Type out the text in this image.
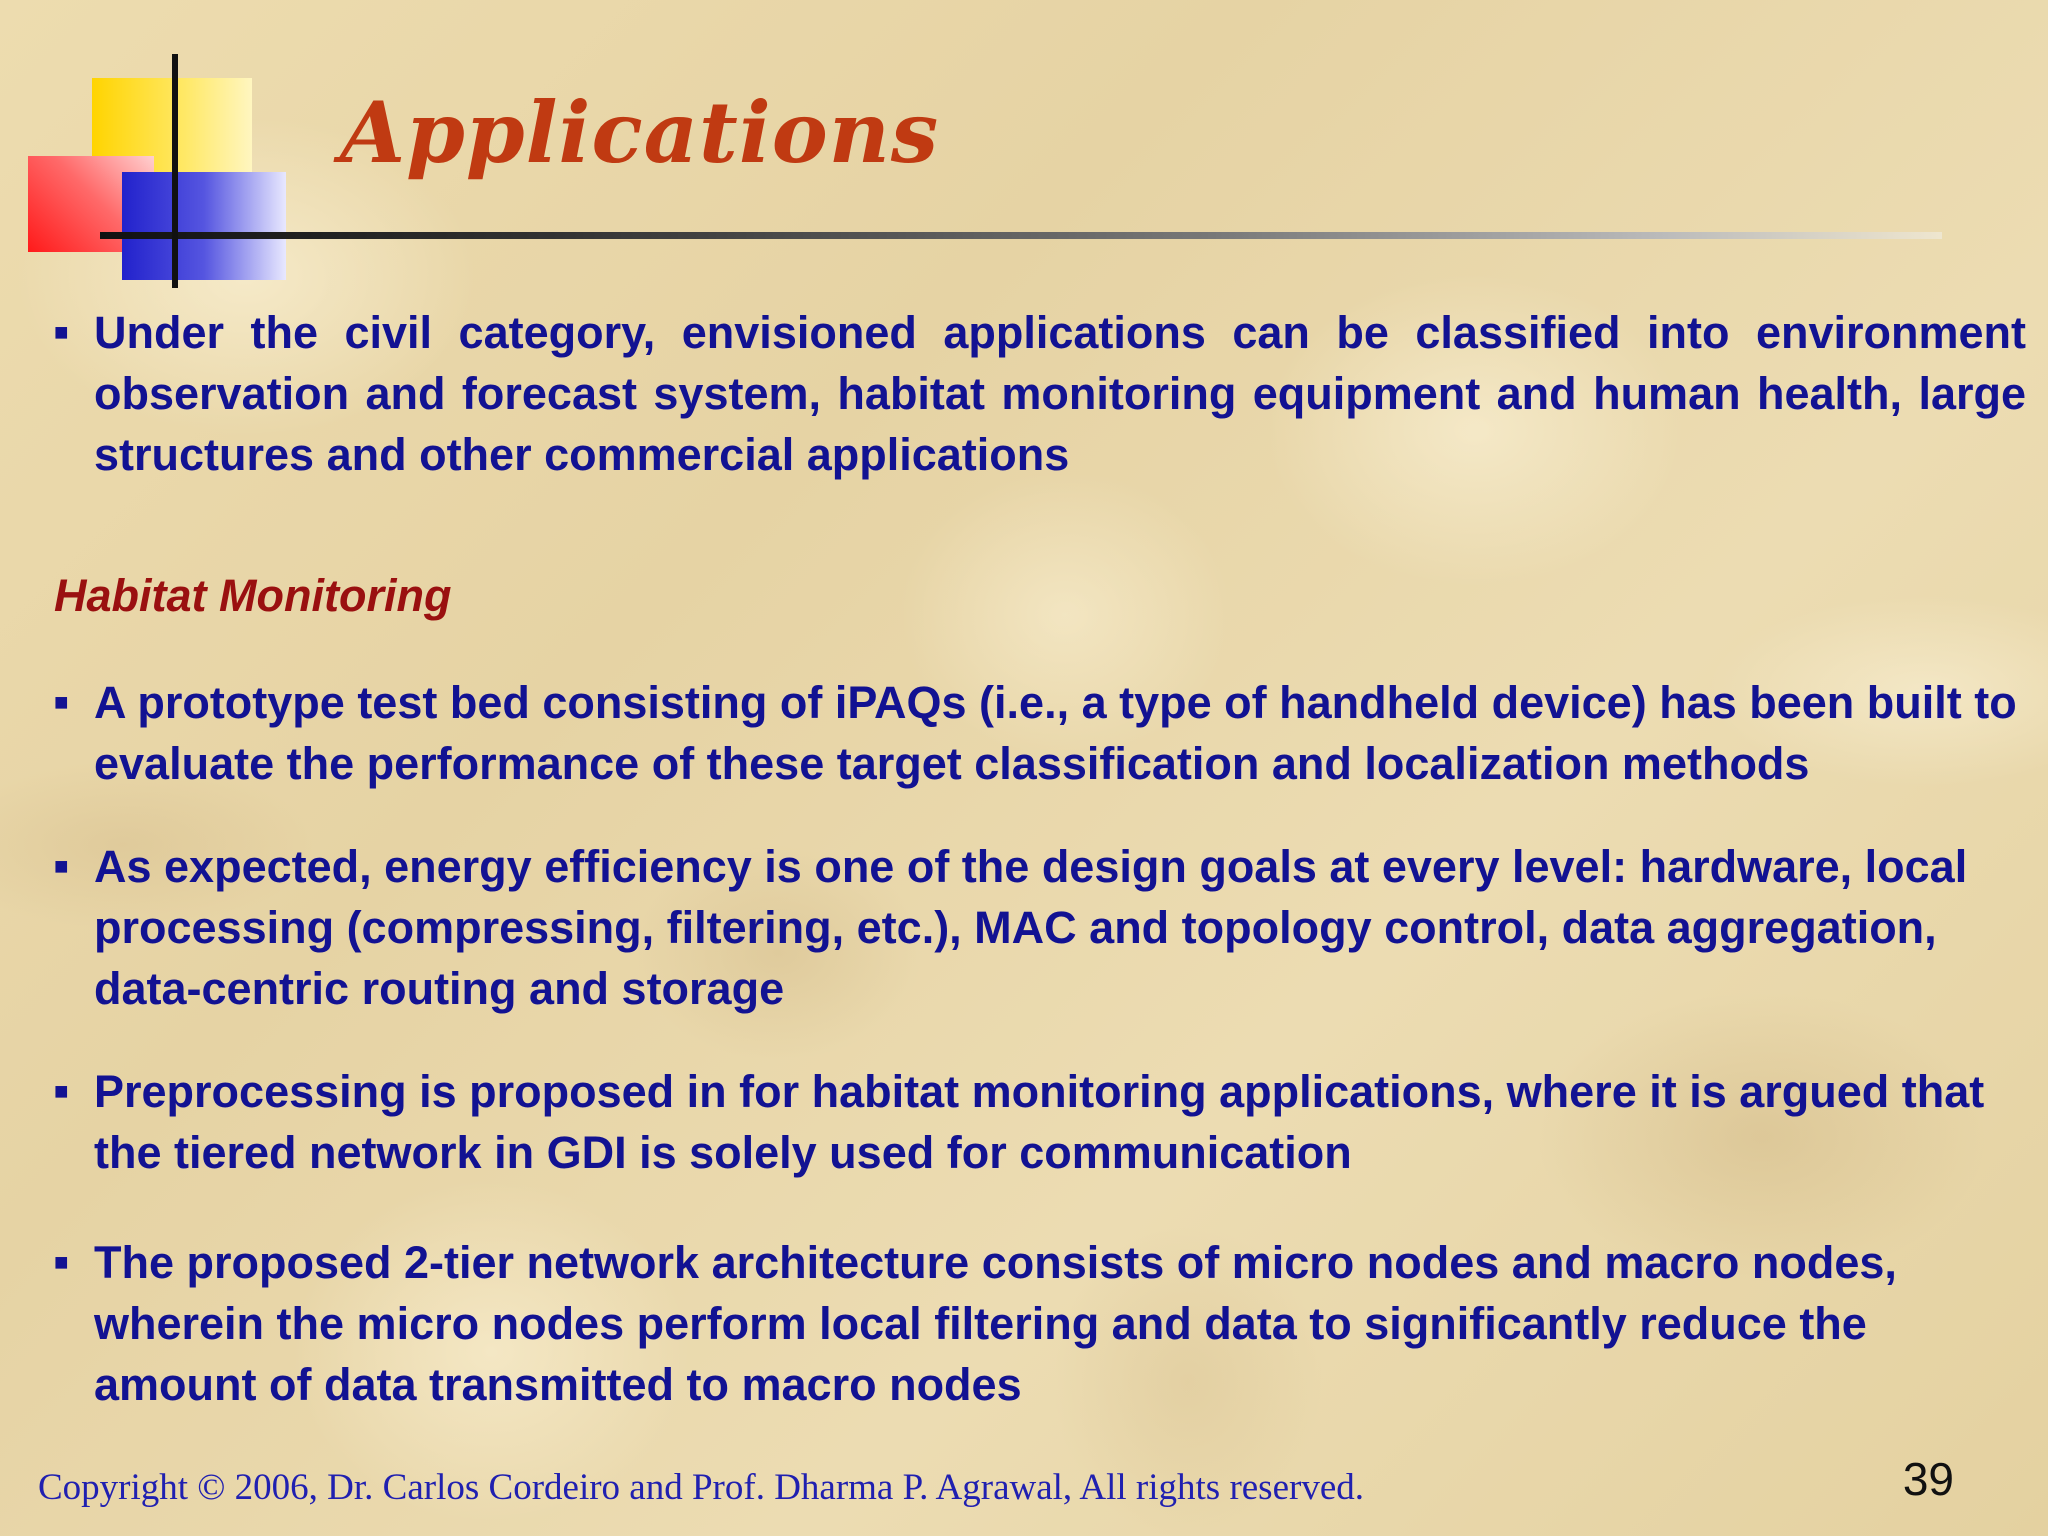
Applications
■ Under the civil category, envisioned applications can be classified into environment observation and forecast system, habitat monitoring equipment and human health, large structures and other commercial applications
Habitat Monitoring
■ A prototype test bed consisting of iPAQs (i.e., a type of handheld device) has been built to evaluate the performance of these target classification and localization methods
■ As expected, energy efficiency is one of the design goals at every level: hardware, local processing (compressing, filtering, etc.), MAC and topology control, data aggregation, data-centric routing and storage
■ Preprocessing is proposed in for habitat monitoring applications, where it is argued that the tiered network in GDI is solely used for communication
■ The proposed 2-tier network architecture consists of micro nodes and macro nodes, wherein the micro nodes perform local filtering and data to significantly reduce the amount of data transmitted to macro nodes
Copyright © 2006, Dr. Carlos Cordeiro and Prof. Dharma P. Agrawal, All rights reserved.	39
